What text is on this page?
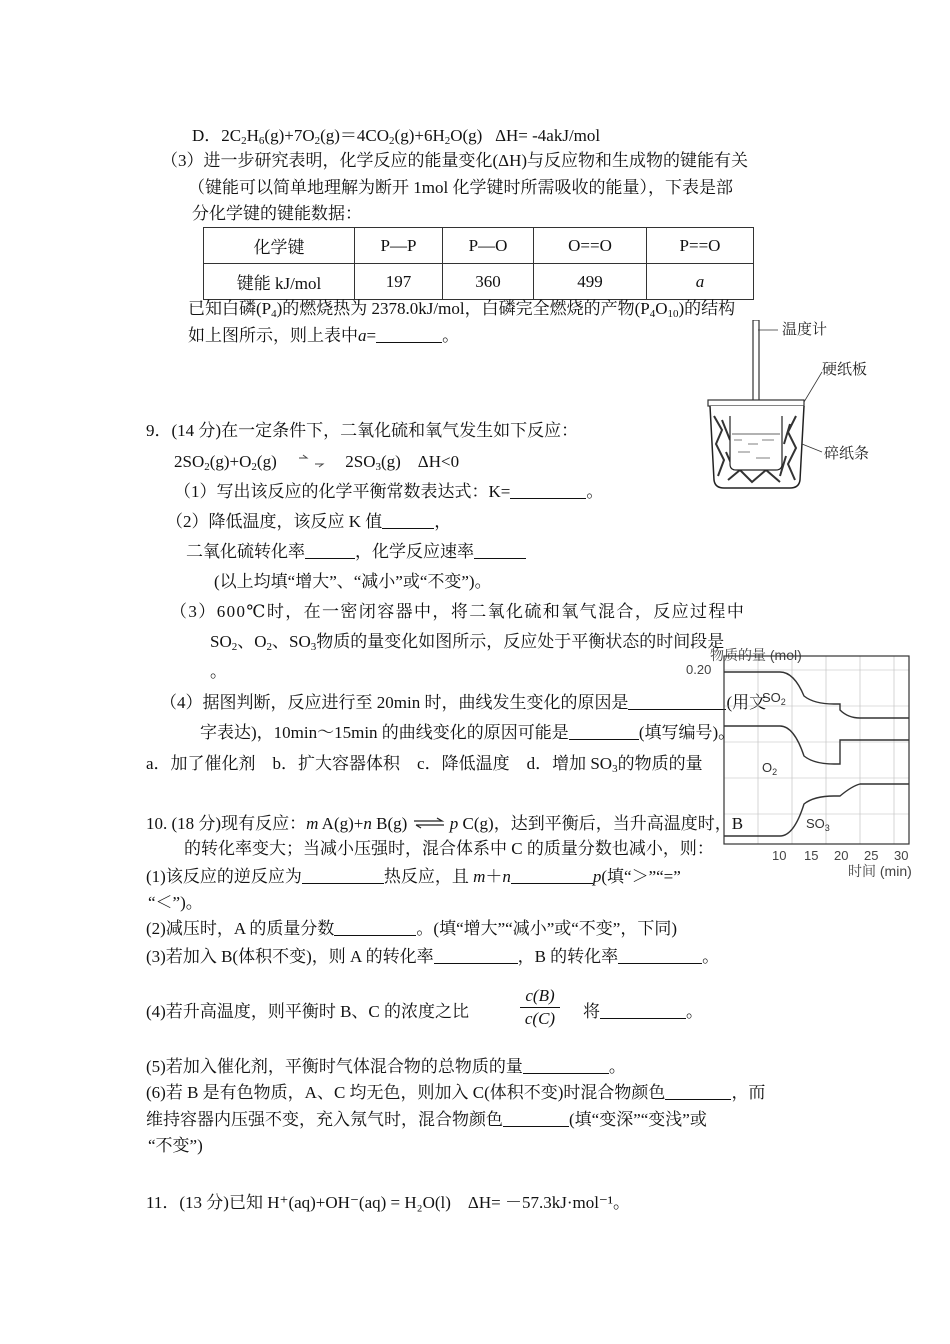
D．$2C_2H_6(g)+7O_2(g)=4CO_2(g)+6H_2O(g)$ ΔH= -4akJ/mol
（3）进一步研究表明，化学反应的能量变化(ΔH)与反应物和生成物的键能有关
（键能可以简单地理解为断开 1mol 化学键时所需吸收的能量），下表是部
分化学键的键能数据：
化学键	P—P	P—O	O==O	P==O
键能 kJ/mol	197	360	499	a
已知白磷$(P_4)$的燃烧热为 2378.0kJ/mol，白磷完全燃烧的产物$(P_4O_{10})$的结构
如上图所示，则上表中a=	。	温度计
硬纸板
碎纸条
9．(14 分)在一定条件下，二氧化硫和氧气发生如下反应：
$2SO_2(g)+O_2(g)$	$2SO_3(g)$　ΔH<0
（1）写出该反应的化学平衡常数表达式：K=	。
（2）降低温度，该反应 K 值	，
二氧化硫转化率	，化学反应速率
(以上均填“增大”、“减小”或“不变”)。
（3）600℃时，在一密闭容器中，将二氧化硫和氧气混合，反应过程中
$SO_2$、$O_2$、$SO_3$物质的量变化如图所示，反应处于平衡状态的时间段是
。
（4）据图判断，反应进行至 20min 时，曲线发生变化的原因是	(用文
字表达)，10min～15min 的曲线变化的原因可能是	(填写编号)。
a．加了催化剂　b．扩大容器体积　c．降低温度　d．增加 $SO_3$的物质的量
物质的量 (mol)
0.20
$SO_2$
$O_2$
$SO_3$
10 15 20 25 30
时间 (min)
10. (18 分)现有反应：m A(g)+n B(g) ⇌ p C(g)，达到平衡后，当升高温度时，B
的转化率变大；当减小压强时，混合体系中 C 的质量分数也减小，则：
(1)该反应的逆反应为	热反应，且 m＋n	p(填“＞”“=”
“＜”)。
(2)减压时，A 的质量分数	。(填“增大”“减小”或“不变”，下同)
(3)若加入 B(体积不变)，则 A 的转化率	，B 的转化率	。
(4)若升高温度，则平衡时 B、C 的浓度之比	$\frac{c(B)}{c(C)}$ 将	。
(5)若加入催化剂，平衡时气体混合物的总物质的量	。
(6)若 B 是有色物质，A、C 均无色，则加入 C(体积不变)时混合物颜色	，而
维持容器内压强不变，充入氖气时，混合物颜色	(填“变深”“变浅”或
“不变”)
11．(13 分)已知 H⁺(aq)+OH⁻(aq) = H₂O(l)　ΔH= －57.3kJ·mol⁻¹。
